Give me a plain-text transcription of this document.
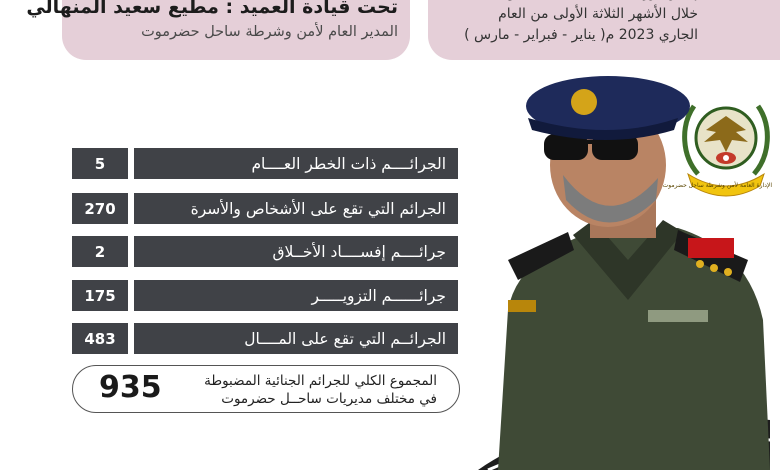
تحت قيادة العميد : مطيع سعيد المنهالي
المدير العام لأمن وشرطة ساحل حضرموت
خلال الأشهر الثلاثة الأولى من العام
الجاري 2023 م( يناير - فبراير - مارس )
5	الجرائــــم ذات الخطر العــــام
270	الجرائم التي تقع على الأشخاص والأسرة
2	جرائــــم إفســــاد الأخــلاق
175	جرائــــــم التزويـــــر
483	الجرائــم التي تقع على المــــال
935	المجموع الكلي للجرائم الجنائية المضبوطة
في مختلف مديريات ساحــل حضرموت
الإدارة العامة لأمن وشرطة ساحل حضرموت
